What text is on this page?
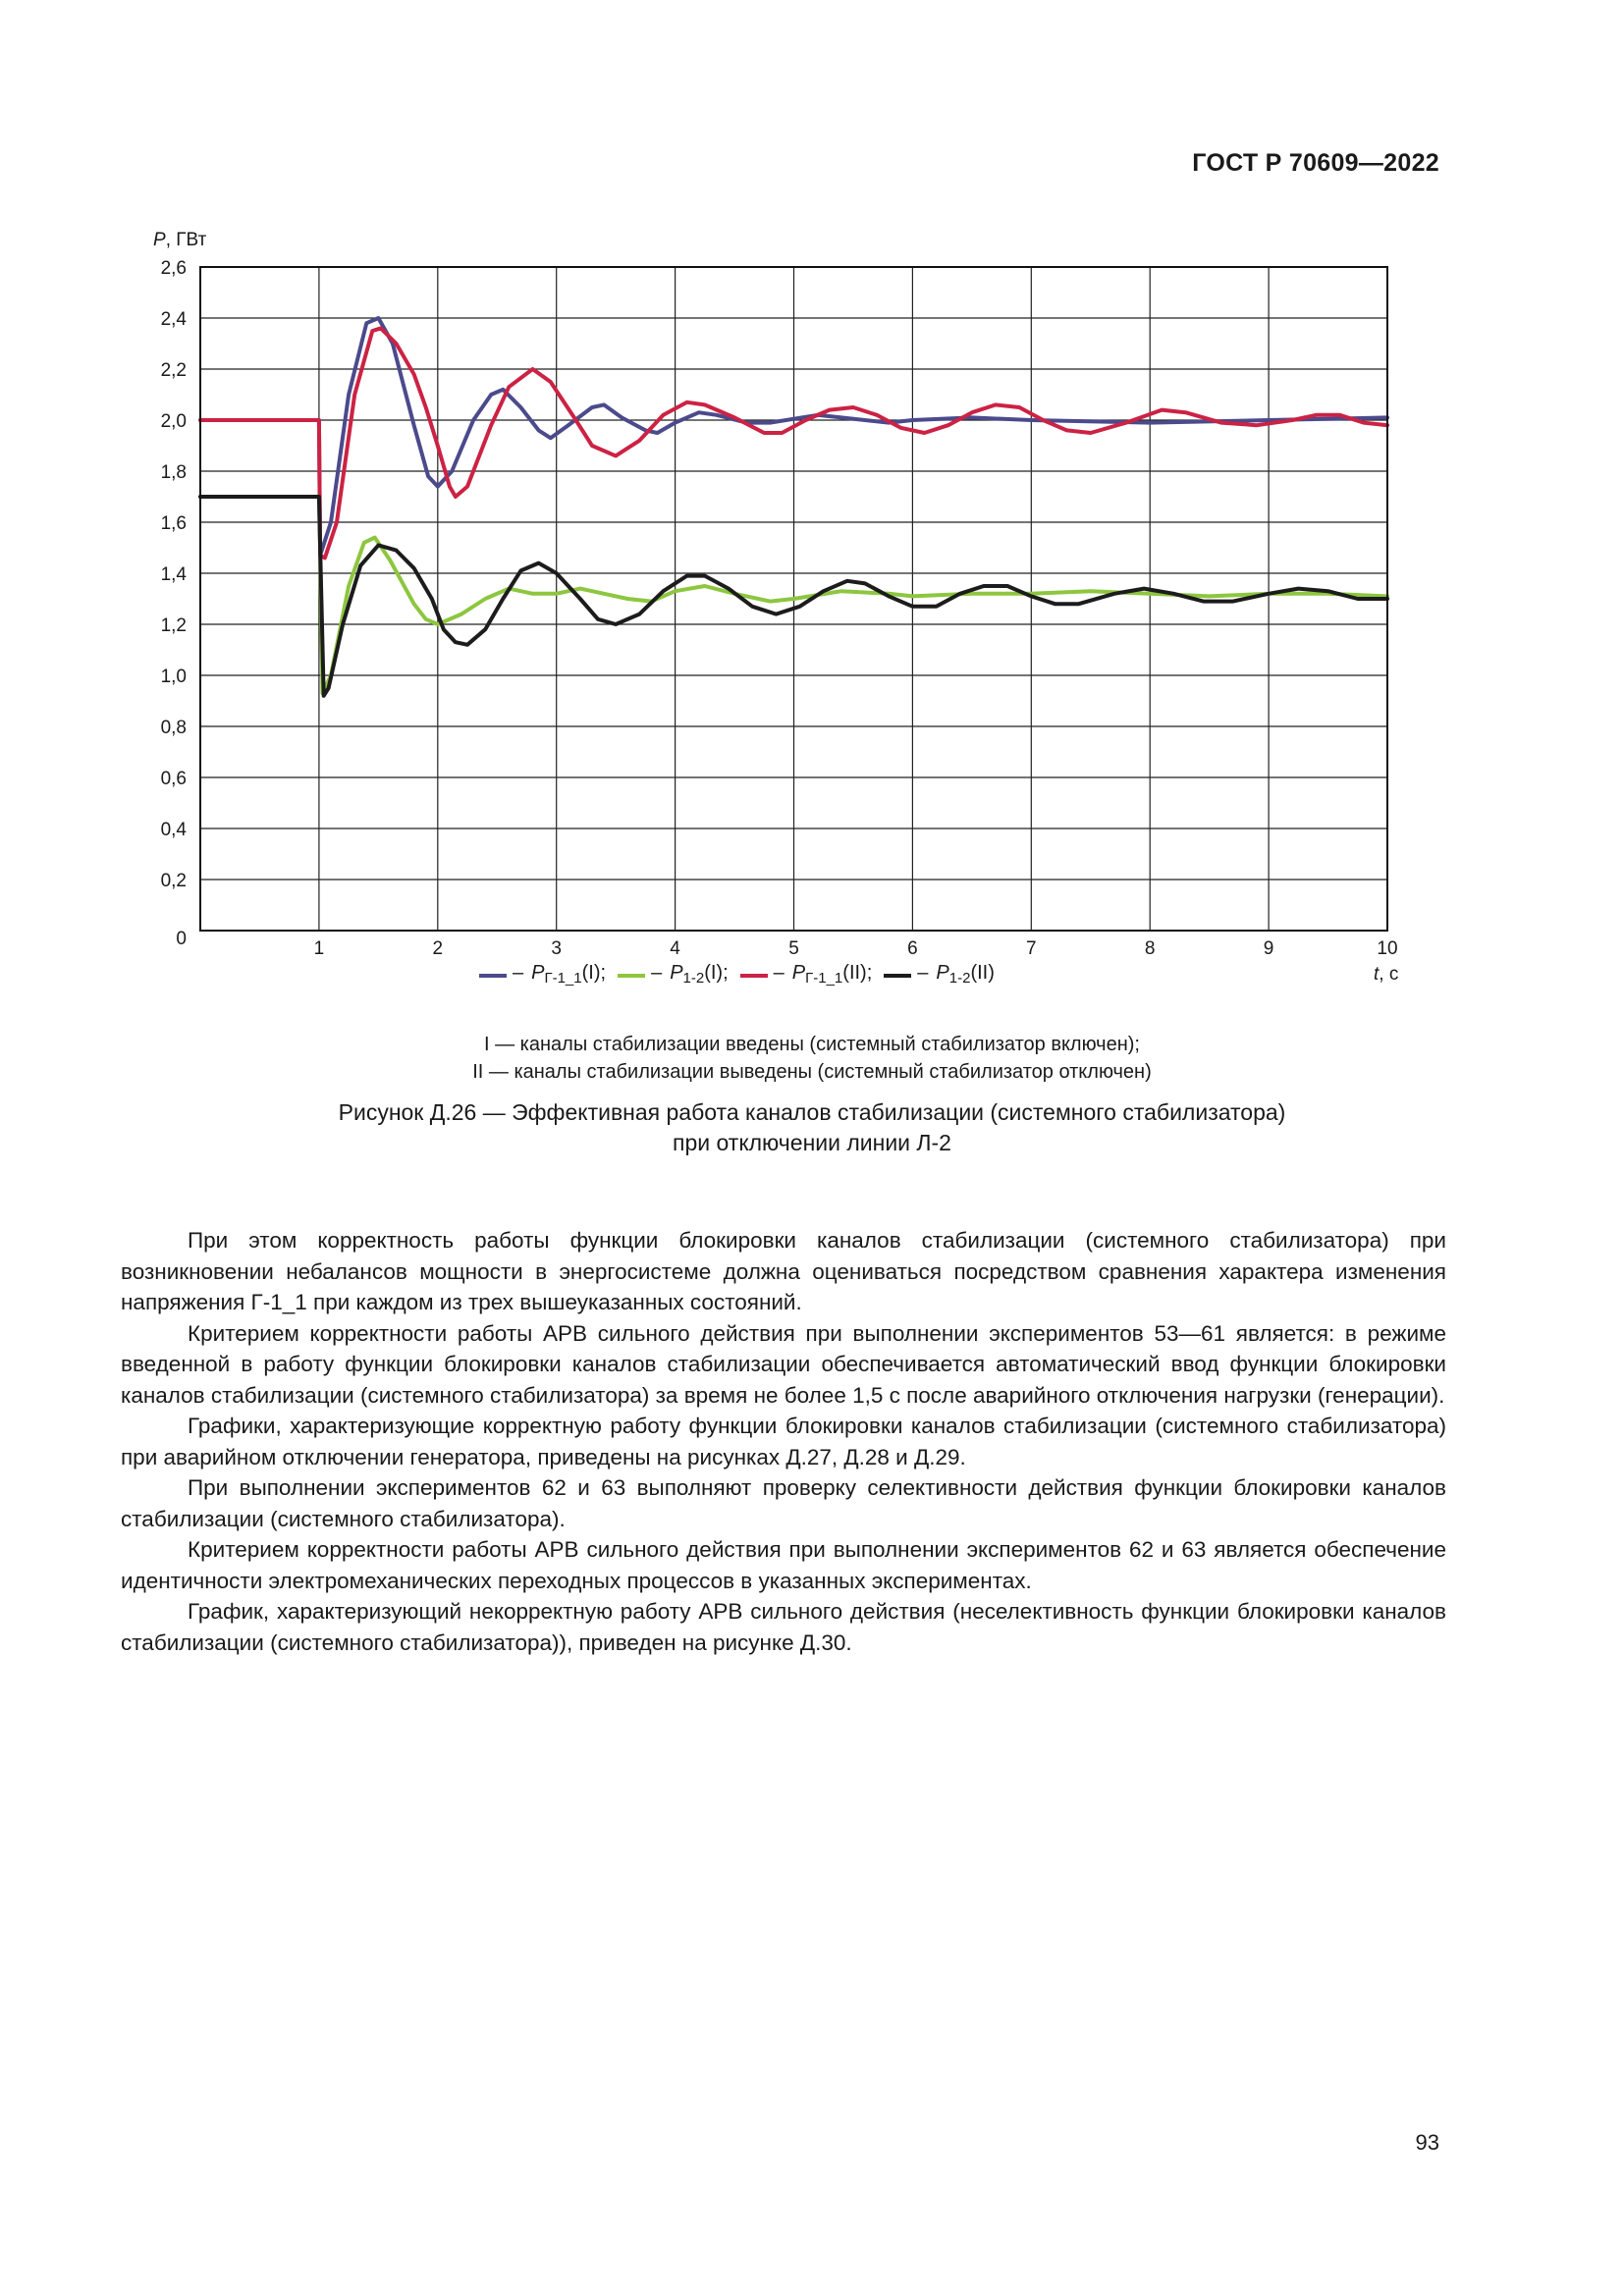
ГОСТ Р 70609—2022
1	2	3	4	5	6	7	8	9	10
2,6
2,4
2,2
2,0
1,8
1,6
1,4
1,2
1,0
0,8
0,6
0,4
0,2
P, ГВт
t, с
0
– P Г-1_1 (I); – P 1-2 (I); – P Г-1_1 (II); – P 1-2 (II)
I — каналы стабилизации введены (системный стабилизатор включен);
II — каналы стабилизации выведены (системный стабилизатор отключен)
Рисунок Д.26 — Эффективная работа каналов стабилизации (системного стабилизатора)
при отключении линии Л-2

При этом корректность работы функции блокировки каналов стабилизации (системного стабилизатора) при возникновении небалансов мощности в энергосистеме должна оцениваться посредством сравнения характера изменения напряжения Г-1_1 при каждом из трех вышеуказанных состояний.

Критерием корректности работы АРВ сильного действия при выполнении экспериментов 53—61 является: в режиме введенной в работу функции блокировки каналов стабилизации обеспечивается автоматический ввод функции блокировки каналов стабилизации (системного стабилизатора) за время не более 1,5 с после аварийного отключения нагрузки (генерации).

Графики, характеризующие корректную работу функции блокировки каналов стабилизации (системного стабилизатора) при аварийном отключении генератора, приведены на рисунках Д.27, Д.28 и Д.29.

При выполнении экспериментов 62 и 63 выполняют проверку селективности действия функции блокировки каналов стабилизации (системного стабилизатора).

Критерием корректности работы АРВ сильного действия при выполнении экспериментов 62 и 63 является обеспечение идентичности электромеханических переходных процессов в указанных экспериментах.

График, характеризующий некорректную работу АРВ сильного действия (неселективность функции блокировки каналов стабилизации (системного стабилизатора)), приведен на рисунке Д.30.

93
